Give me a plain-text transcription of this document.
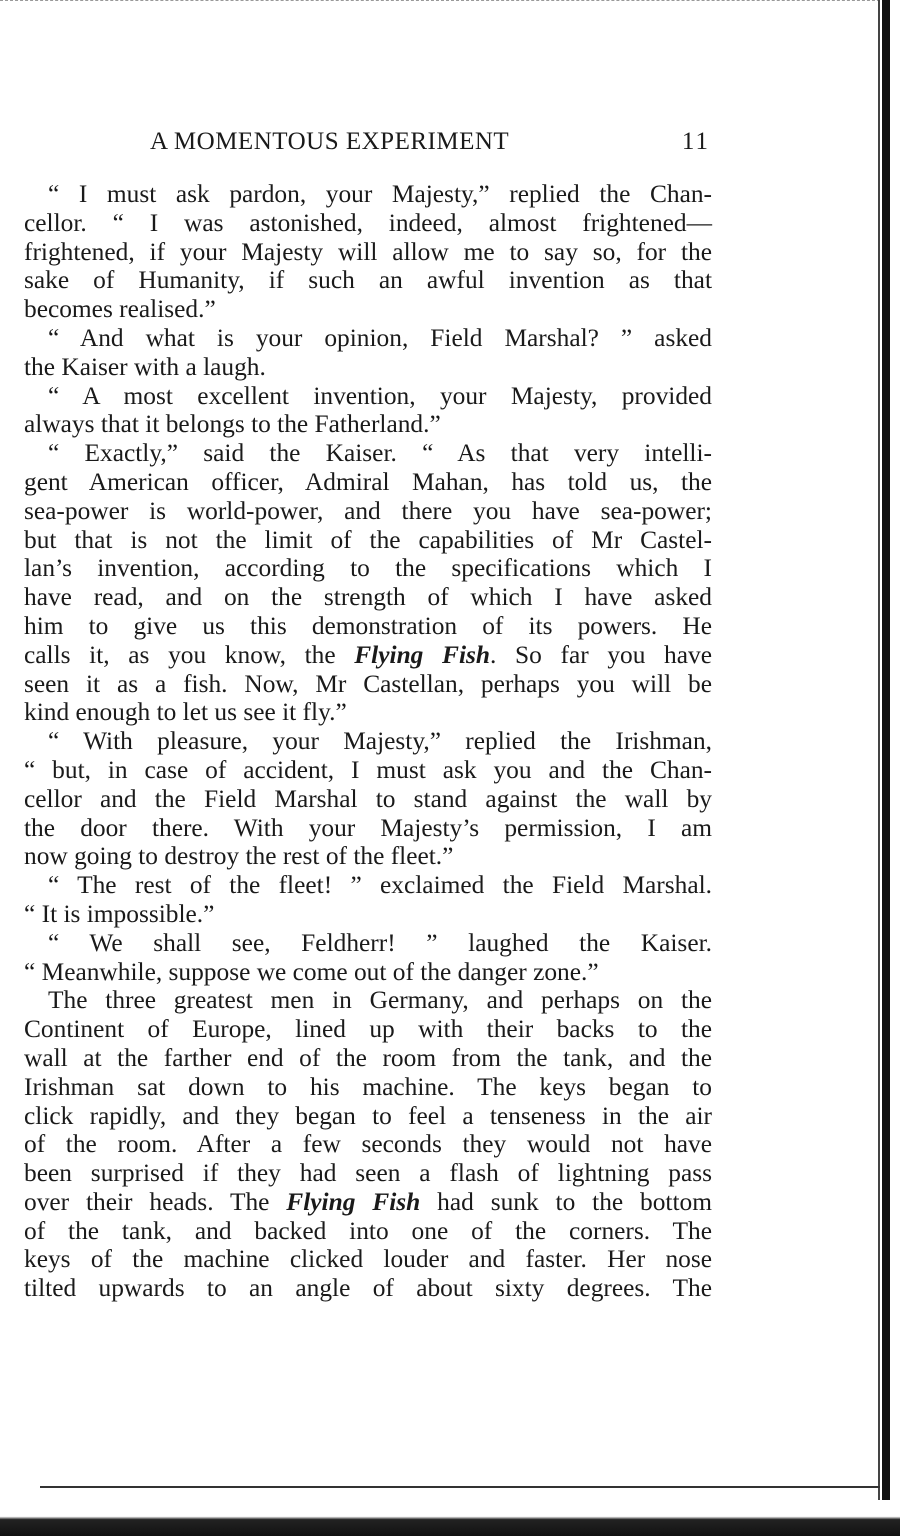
A MOMENTOUS EXPERIMENT	11
“ I must ask pardon, your Majesty,” replied the Chan-
cellor. “ I was astonished, indeed, almost frightened—
frightened, if your Majesty will allow me to say so, for the
sake of Humanity, if such an awful invention as that
becomes realised.”
“ And what is your opinion, Field Marshal? ” asked
the Kaiser with a laugh.
“ A most excellent invention, your Majesty, provided
always that it belongs to the Fatherland.”
“ Exactly,” said the Kaiser. “ As that very intelli-
gent American officer, Admiral Mahan, has told us, the
sea-power is world-power, and there you have sea-power;
but that is not the limit of the capabilities of Mr Castel-
lan’s invention, according to the specifications which I
have read, and on the strength of which I have asked
him to give us this demonstration of its powers. He
calls it, as you know, the Flying Fish. So far you have
seen it as a fish. Now, Mr Castellan, perhaps you will be
kind enough to let us see it fly.”
“ With pleasure, your Majesty,” replied the Irishman,
“ but, in case of accident, I must ask you and the Chan-
cellor and the Field Marshal to stand against the wall by
the door there. With your Majesty’s permission, I am
now going to destroy the rest of the fleet.”
“ The rest of the fleet! ” exclaimed the Field Marshal.
“ It is impossible.”
“ We shall see, Feldherr! ” laughed the Kaiser.
“ Meanwhile, suppose we come out of the danger zone.”
The three greatest men in Germany, and perhaps on the
Continent of Europe, lined up with their backs to the
wall at the farther end of the room from the tank, and the
Irishman sat down to his machine. The keys began to
click rapidly, and they began to feel a tenseness in the air
of the room. After a few seconds they would not have
been surprised if they had seen a flash of lightning pass
over their heads. The Flying Fish had sunk to the bottom
of the tank, and backed into one of the corners. The
keys of the machine clicked louder and faster. Her nose
tilted upwards to an angle of about sixty degrees. The
